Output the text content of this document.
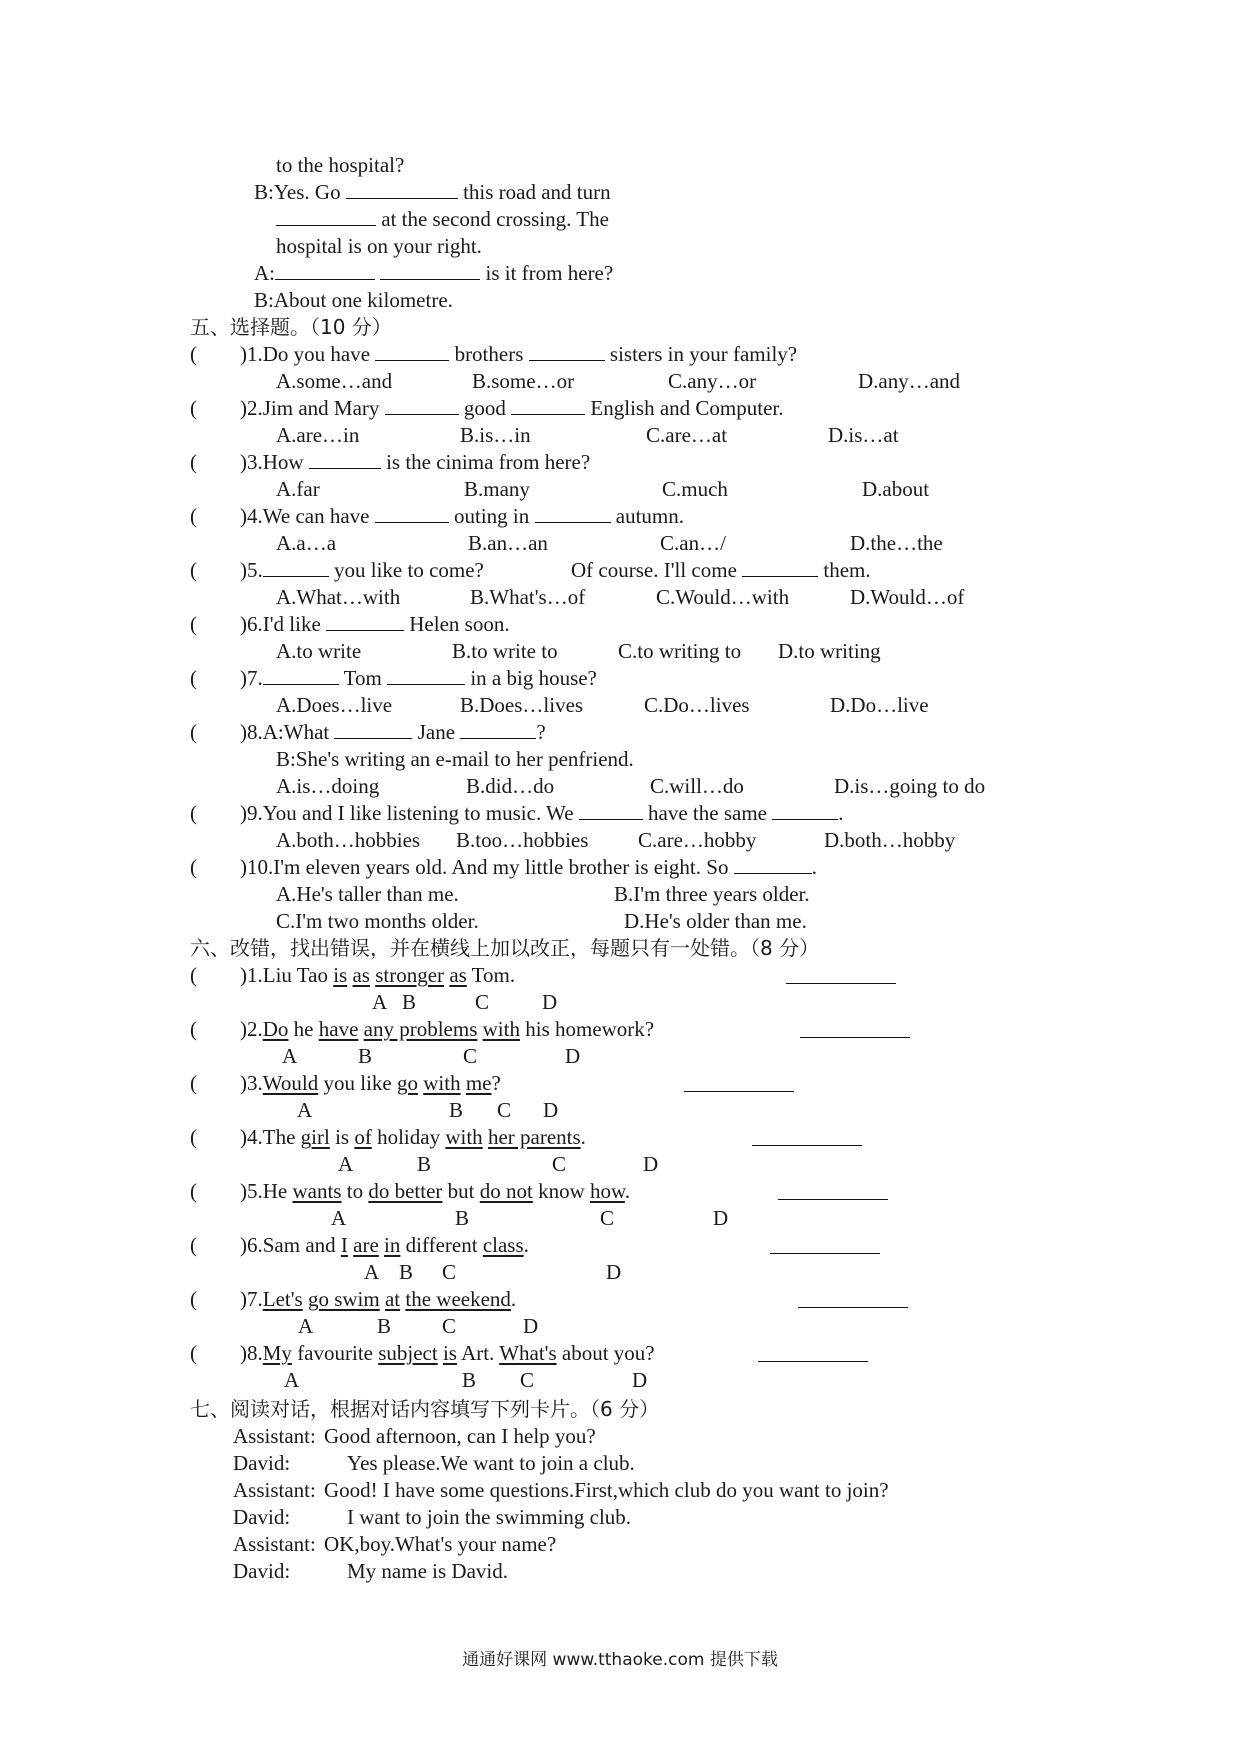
to the hospital?
B:Yes. Go	this road and turn
at the second crossing. The
hospital is on your right.
A:	is it from here?
B:About one kilometre.
五、选择题。（10 分）
( )1.Do you have	brothers	sisters in your family?
A.some…and	B.some…or	C.any…or	D.any…and
( )2.Jim and Mary	good	English and Computer.
A.are…in	B.is…in	C.are…at	D.is…at
( )3.How	is the cinima from here?
A.far	B.many	C.much	D.about
( )4.We can have	outing in	autumn.
A.a…a	B.an…an	C.an…/	D.the…the
( )5.	you like to come?	Of course. I'll come	them.
A.What…with	B.What's…of	C.Would…with	D.Would…of
( )6.I'd like	Helen soon.
A.to write	B.to write to	C.to writing to D.to writing
( )7.	Tom	in a big house?
A.Does…live	B.Does…lives	C.Do…lives	D.Do…live
( )8.A:What	Jane	?
B:She's writing an e-mail to her penfriend.
A.is…doing	B.did…do	C.will…do	D.is…going to do
( )9.You and I like listening to music. We	have the same	.
A.both…hobbies B.too…hobbies C.are…hobby	D.both…hobby
( )10.I'm eleven years old. And my little brother is eight. So	.
A.He's taller than me.	B.I'm three years older.
C.I'm two months older.	D.He's older than me.
六、改错，找出错误，并在横线上加以改正，每题只有一处错。（8 分）
( )1.Liu Tao is as stronger as Tom.
A B	C	D
( )2.Do he have any problems with his homework?
A	B	C	D
( )3.Would you like go with me?
A	B C D
( )4.The girl is of holiday with her parents.
A	B	C	D
( )5.He wants to do better but do not know how.
A	B	C	D
( )6.Sam and I are in different class.
A B C	D
( )7.Let's go swim at the weekend.
A	B C	D
( )8.My favourite subject is Art. What's about you?
A	B C	D
七、阅读对话，根据对话内容填写下列卡片。（6 分）
Assistant: Good afternoon, can I help you?
David:	Yes please.We want to join a club.
Assistant: Good! I have some questions.First,which club do you want to join?
David:	I want to join the swimming club.
Assistant: OK,boy.What's your name?
David:	My name is David.
通通好课网 www.tthaoke.com 提供下载
